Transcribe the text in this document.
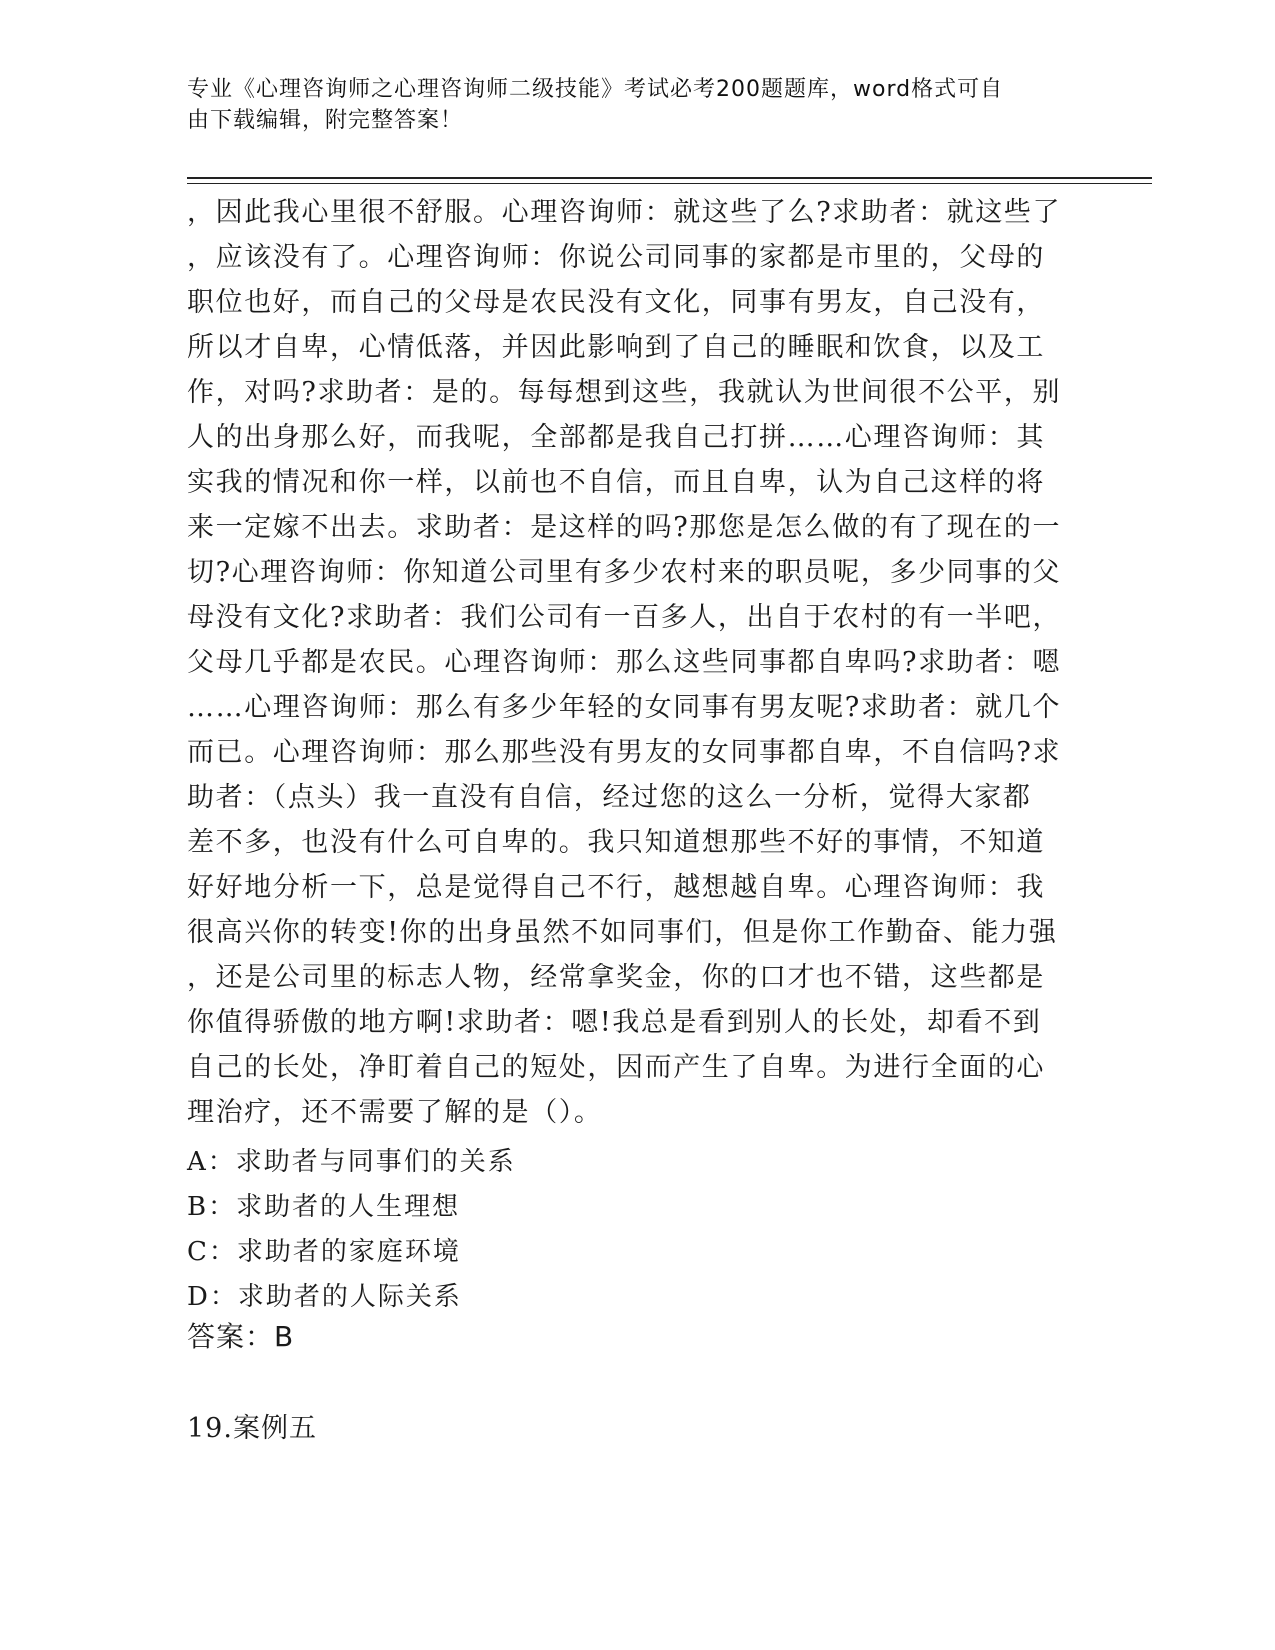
专业《心理咨询师之心理咨询师二级技能》考试必考200题题库，word格式可自
由下载编辑，附完整答案！
，因此我心里很不舒服。心理咨询师：就这些了么?求助者：就这些了
，应该没有了。心理咨询师：你说公司同事的家都是市里的，父母的
职位也好，而自己的父母是农民没有文化，同事有男友，自己没有，
所以才自卑，心情低落，并因此影响到了自己的睡眠和饮食，以及工
作，对吗?求助者：是的。每每想到这些，我就认为世间很不公平，别
人的出身那么好，而我呢，全部都是我自己打拼……心理咨询师：其
实我的情况和你一样，以前也不自信，而且自卑，认为自己这样的将
来一定嫁不出去。求助者：是这样的吗?那您是怎么做的有了现在的一
切?心理咨询师：你知道公司里有多少农村来的职员呢，多少同事的父
母没有文化?求助者：我们公司有一百多人，出自于农村的有一半吧，
父母几乎都是农民。心理咨询师：那么这些同事都自卑吗?求助者：嗯
……心理咨询师：那么有多少年轻的女同事有男友呢?求助者：就几个
而已。心理咨询师：那么那些没有男友的女同事都自卑，不自信吗?求
助者：（点头）我一直没有自信，经过您的这么一分析，觉得大家都
差不多，也没有什么可自卑的。我只知道想那些不好的事情，不知道
好好地分析一下，总是觉得自己不行，越想越自卑。心理咨询师：我
很高兴你的转变!你的出身虽然不如同事们，但是你工作勤奋、能力强
，还是公司里的标志人物，经常拿奖金，你的口才也不错，这些都是
你值得骄傲的地方啊!求助者：嗯!我总是看到别人的长处，却看不到
自己的长处，净盯着自己的短处，因而产生了自卑。为进行全面的心
理治疗，还不需要了解的是（）。
A：求助者与同事们的关系
B：求助者的人生理想
C：求助者的家庭环境
D：求助者的人际关系
答案：B
19.案例五
